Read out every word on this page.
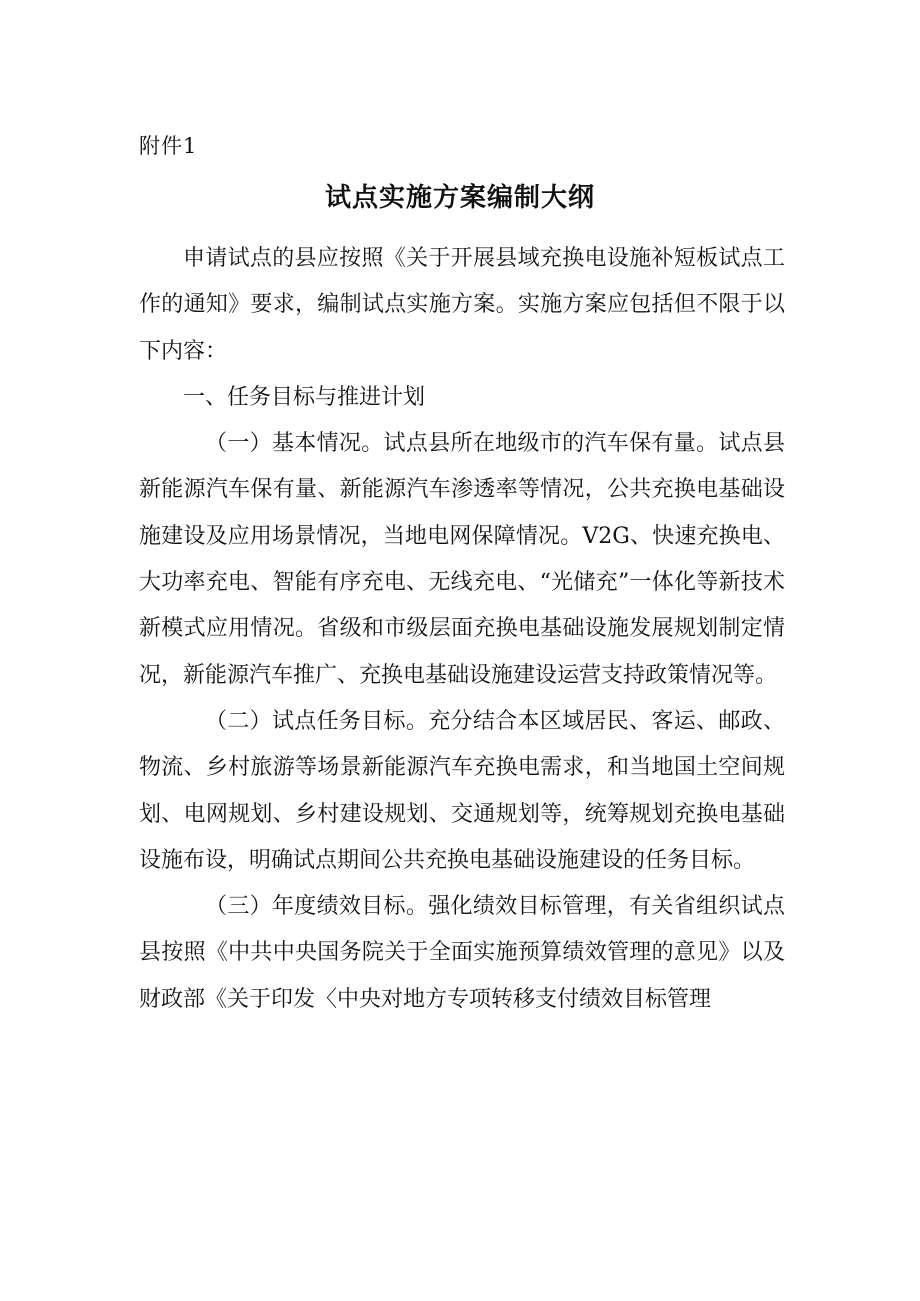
附件1
试点实施方案编制大纲

申请试点的县应按照《关于开展县域充换电设施补短板试点工作的通知》要求，编制试点实施方案。实施方案应包括但不限于以下内容：

一、任务目标与推进计划

（一）基本情况。试点县所在地级市的汽车保有量。试点县新能源汽车保有量、新能源汽车渗透率等情况，公共充换电基础设施建设及应用场景情况，当地电网保障情况。V2G、快速充换电、大功率充电、智能有序充电、无线充电、“光储充”一体化等新技术新模式应用情况。省级和市级层面充换电基础设施发展规划制定情况，新能源汽车推广、充换电基础设施建设运营支持政策情况等。

（二）试点任务目标。充分结合本区域居民、客运、邮政、物流、乡村旅游等场景新能源汽车充换电需求，和当地国土空间规划、电网规划、乡村建设规划、交通规划等，统筹规划充换电基础设施布设，明确试点期间公共充换电基础设施建设的任务目标。

（三）年度绩效目标。强化绩效目标管理，有关省组织试点县按照《中共中央国务院关于全面实施预算绩效管理的意见》以及财政部《关于印发〈中央对地方专项转移支付绩效目标管理
